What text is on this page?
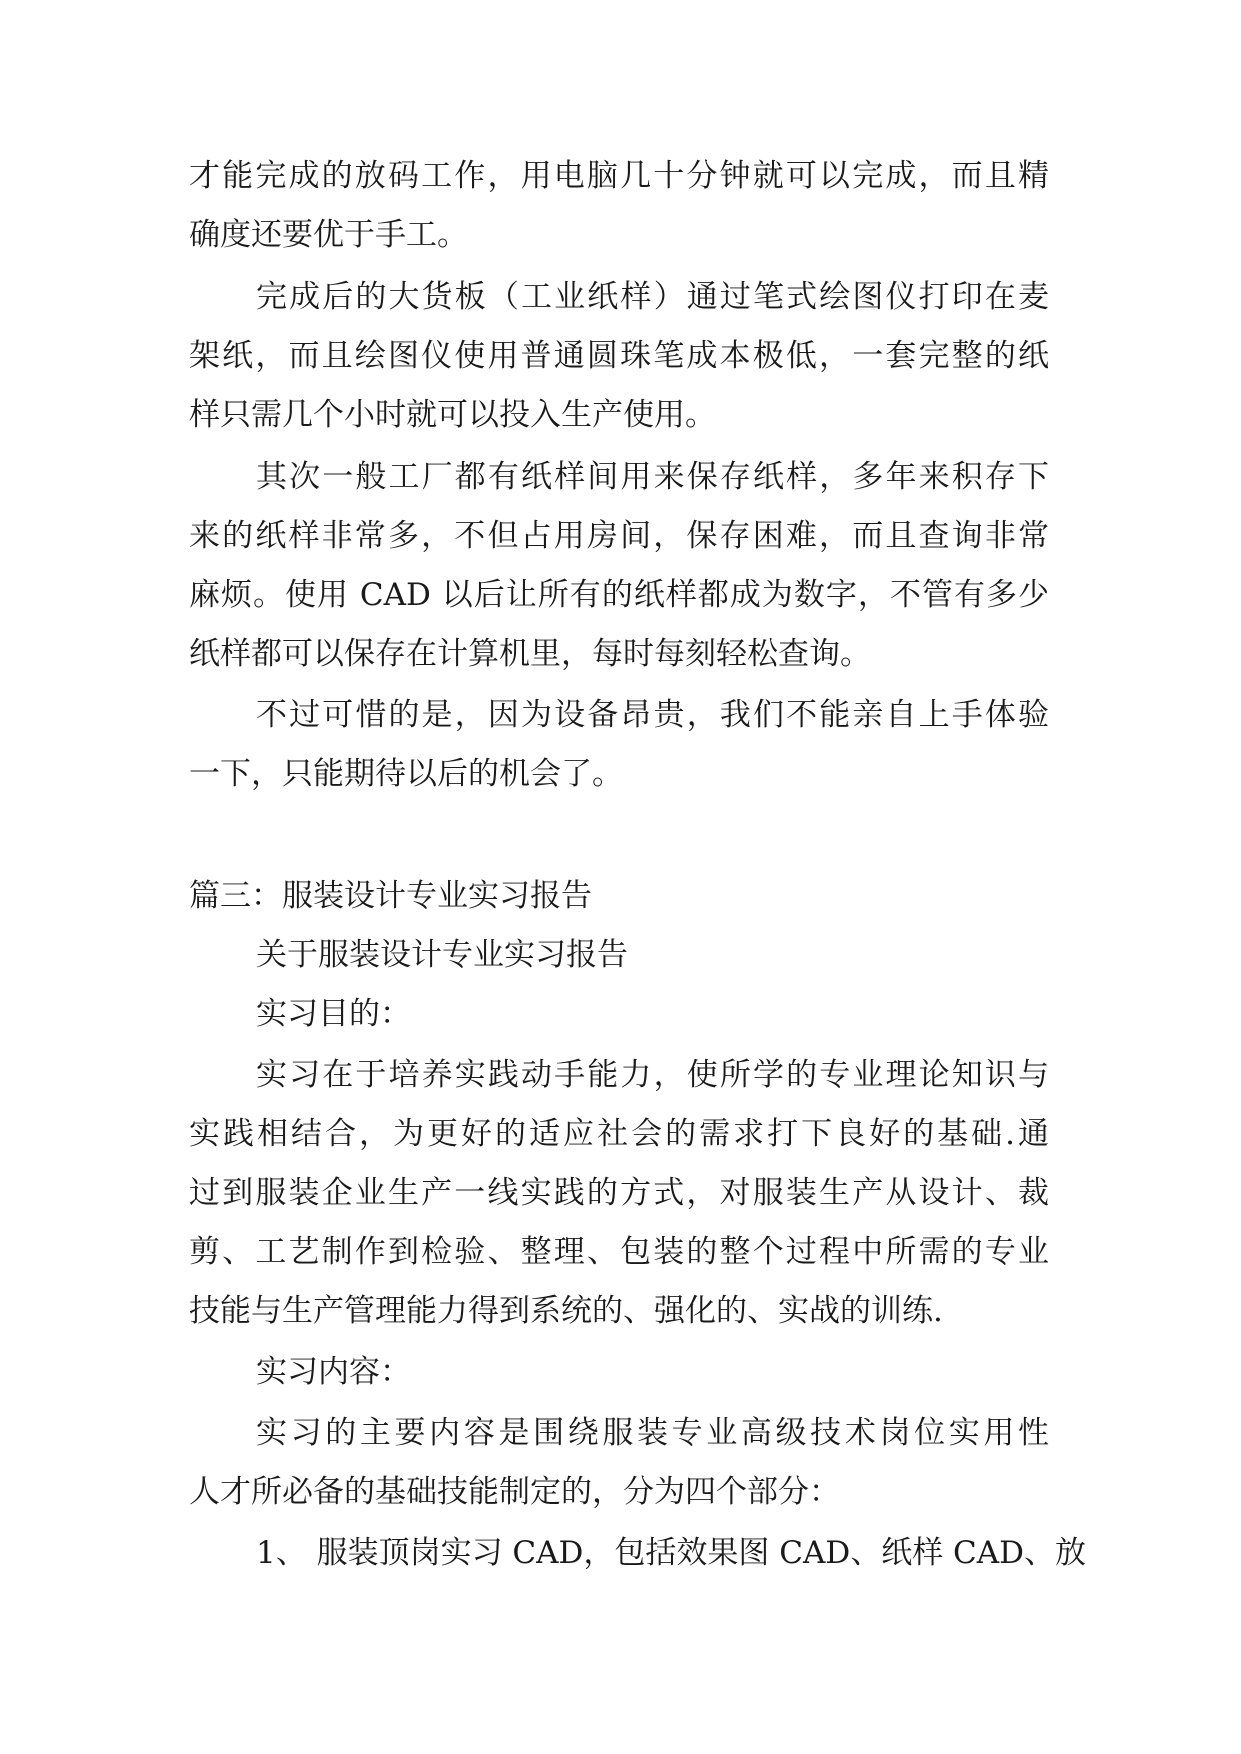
才能完成的放码工作，用电脑几十分钟就可以完成，而且精
确度还要优于手工。
完成后的大货板（工业纸样）通过笔式绘图仪打印在麦
架纸，而且绘图仪使用普通圆珠笔成本极低，一套完整的纸
样只需几个小时就可以投入生产使用。
其次一般工厂都有纸样间用来保存纸样，多年来积存下
来的纸样非常多，不但占用房间，保存困难，而且查询非常
麻烦。使用 CAD 以后让所有的纸样都成为数字，不管有多少
纸样都可以保存在计算机里，每时每刻轻松查询。
不过可惜的是，因为设备昂贵，我们不能亲自上手体验
一下，只能期待以后的机会了。
篇三：服装设计专业实习报告
关于服装设计专业实习报告
实习目的：
实习在于培养实践动手能力，使所学的专业理论知识与
实践相结合，为更好的适应社会的需求打下良好的基础.通
过到服装企业生产一线实践的方式，对服装生产从设计、裁
剪、工艺制作到检验、整理、包装的整个过程中所需的专业
技能与生产管理能力得到系统的、强化的、实战的训练.
实习内容：
实习的主要内容是围绕服装专业高级技术岗位实用性
人才所必备的基础技能制定的，分为四个部分：
1、 服装顶岗实习 CAD，包括效果图 CAD、纸样 CAD、放
